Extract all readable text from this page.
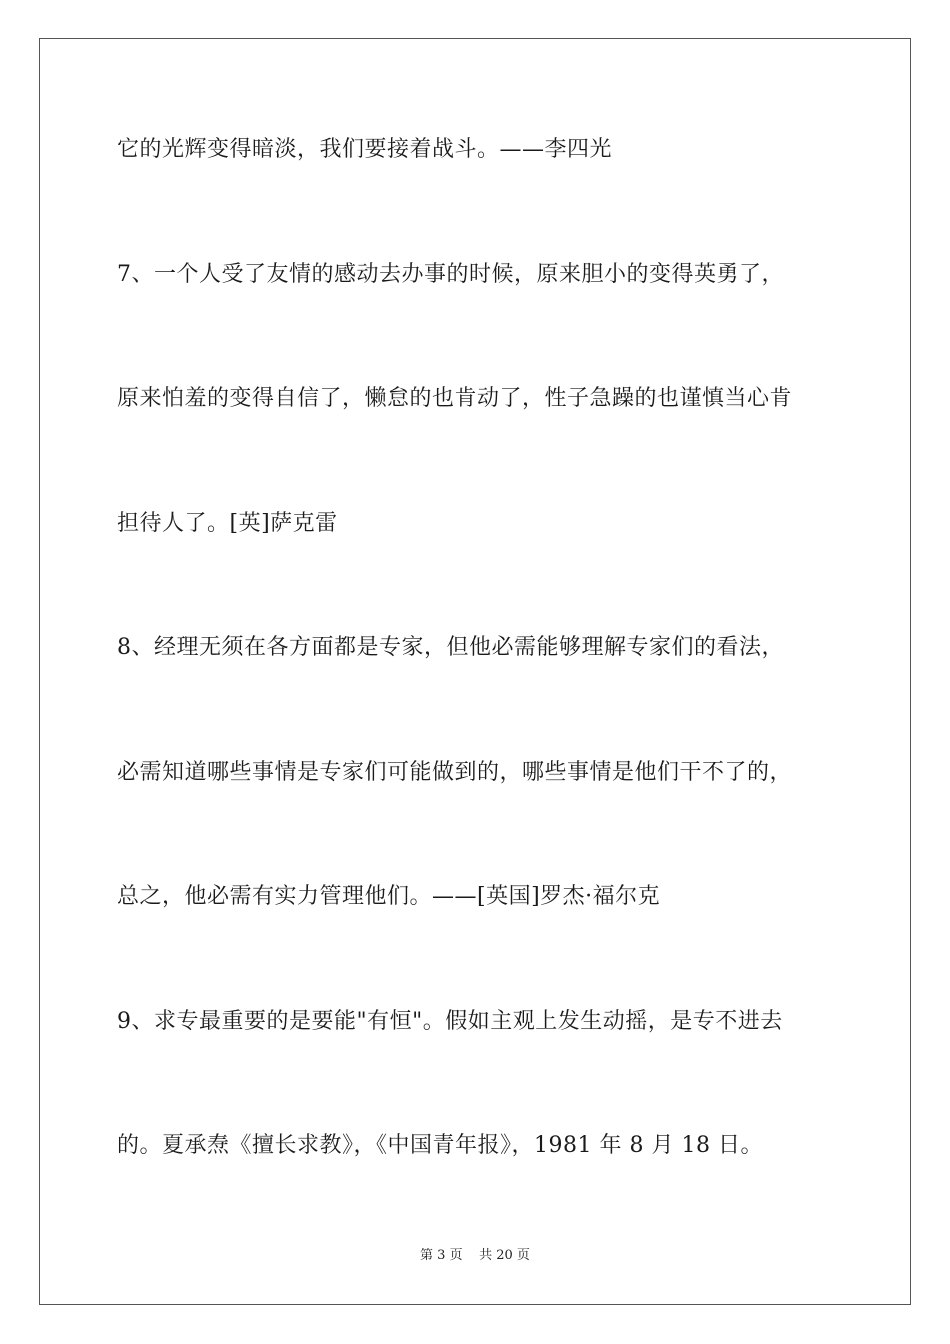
它的光辉变得暗淡，我们要接着战斗。——李四光
7、一个人受了友情的感动去办事的时候，原来胆小的变得英勇了，
原来怕羞的变得自信了，懒怠的也肯动了，性子急躁的也谨慎当心肯
担待人了。[英]萨克雷
8、经理无须在各方面都是专家，但他必需能够理解专家们的看法，
必需知道哪些事情是专家们可能做到的，哪些事情是他们干不了的，
总之，他必需有实力管理他们。——[英国]罗杰·福尔克
9、求专最重要的是要能"有恒"。假如主观上发生动摇，是专不进去
的。夏承焘《擅长求教》，《中国青年报》，1981 年 8 月 18 日。
第 3 页 共 20 页
